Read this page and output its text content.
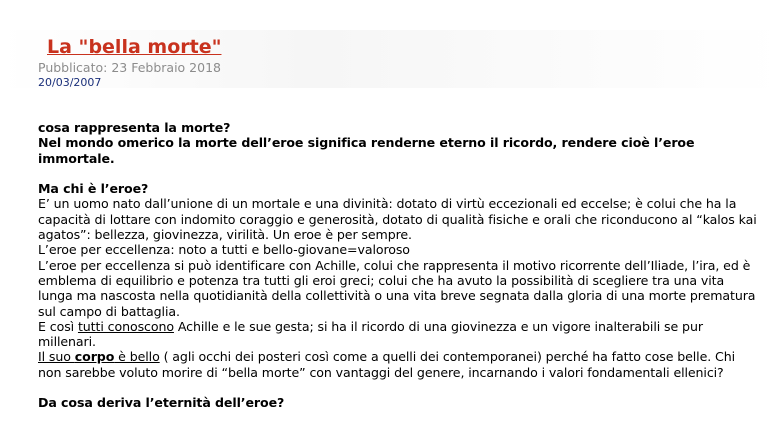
La "bella morte"
Pubblicato: 23 Febbraio 2018
20/03/2007

cosa rappresenta la morte?

Nel mondo omerico la morte dell’eroe significa renderne eterno il ricordo, rendere cioè l’eroe immortale.

Ma chi è l’eroe?

E’ un uomo nato dall’unione di un mortale e una divinità: dotato di virtù eccezionali ed eccelse; è colui che ha la capacità di lottare con indomito coraggio e generosità, dotato di qualità fisiche e orali che riconducono al “kalos kai agatos”: bellezza, giovinezza, virilità. Un eroe è per sempre.

L’eroe per eccellenza: noto a tutti e bello-giovane=valoroso

L’eroe per eccellenza si può identificare con Achille, colui che rappresenta il motivo ricorrente dell’Iliade, l’ira, ed è emblema di equilibrio e potenza tra tutti gli eroi greci; colui che ha avuto la possibilità di scegliere tra una vita lunga ma nascosta nella quotidianità della collettività o una vita breve segnata dalla gloria di una morte prematura sul campo di battaglia.

E così tutti conoscono Achille e le sue gesta; si ha il ricordo di una giovinezza e un vigore inalterabili se pur millenari.

Il suo corpo è bello ( agli occhi dei posteri così come a quelli dei contemporanei) perché ha fatto cose belle. Chi non sarebbe voluto morire di “bella morte” con vantaggi del genere, incarnando i valori fondamentali ellenici?

Da cosa deriva l’eternità dell’eroe?
